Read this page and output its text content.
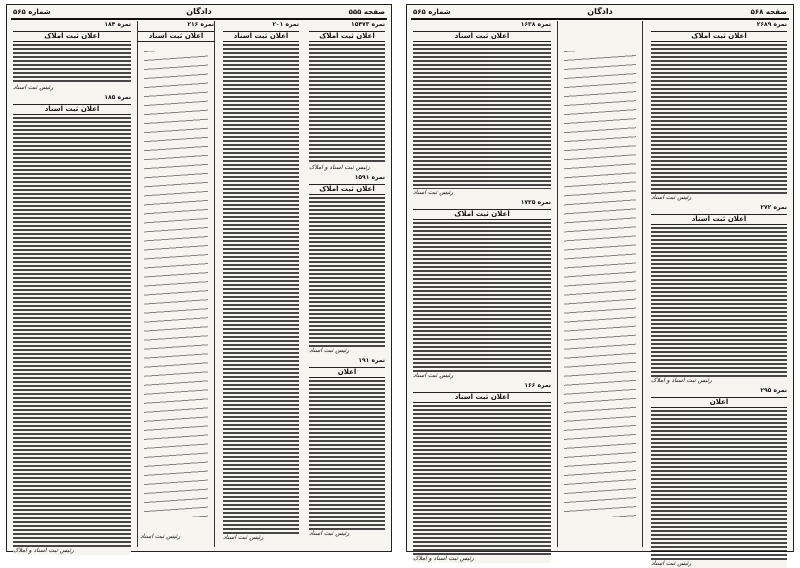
صفحه ۵۵۵
دادگان
شماره ۵۶۵
نمره ۱۵۴۷۳
اعلان ثبت املاک
رئیس ثبت اسناد و املاک
نمره ۱۵۹۱
اعلان ثبت املاک
رئیس ثبت اسناد
نمره ۱۹۱
اعلان
رئیس ثبت اسناد
نمره ۲۰۱
اعلان ثبت اسناد
رئیس ثبت اسناد
نمره ۲۱۶
اعلان ثبت اسناد
رئیس ثبت اسناد
نمره ۱۸۴
اعلان ثبت املاک
رئیس ثبت اسناد
نمره ۱۸۵
اعلان ثبت اسناد
رئیس ثبت اسناد و املاک
صفحه ۵۶۸
دادگان
شماره ۵۶۵
نمره ۲۶۸۹
اعلان ثبت املاک
رئیس ثبت اسناد
نمره ۲۷۲
اعلان ثبت اسناد
رئیس ثبت اسناد و املاک
نمره ۲۹۵
اعلان
رئیس ثبت اسناد
نمره ۱۶۳۸
اعلان ثبت اسناد
رئیس ثبت اسناد
نمره ۱۷۲۵
اعلان ثبت املاک
رئیس ثبت اسناد
نمره ۱۶۶
اعلان ثبت اسناد
رئیس ثبت اسناد و املاک
